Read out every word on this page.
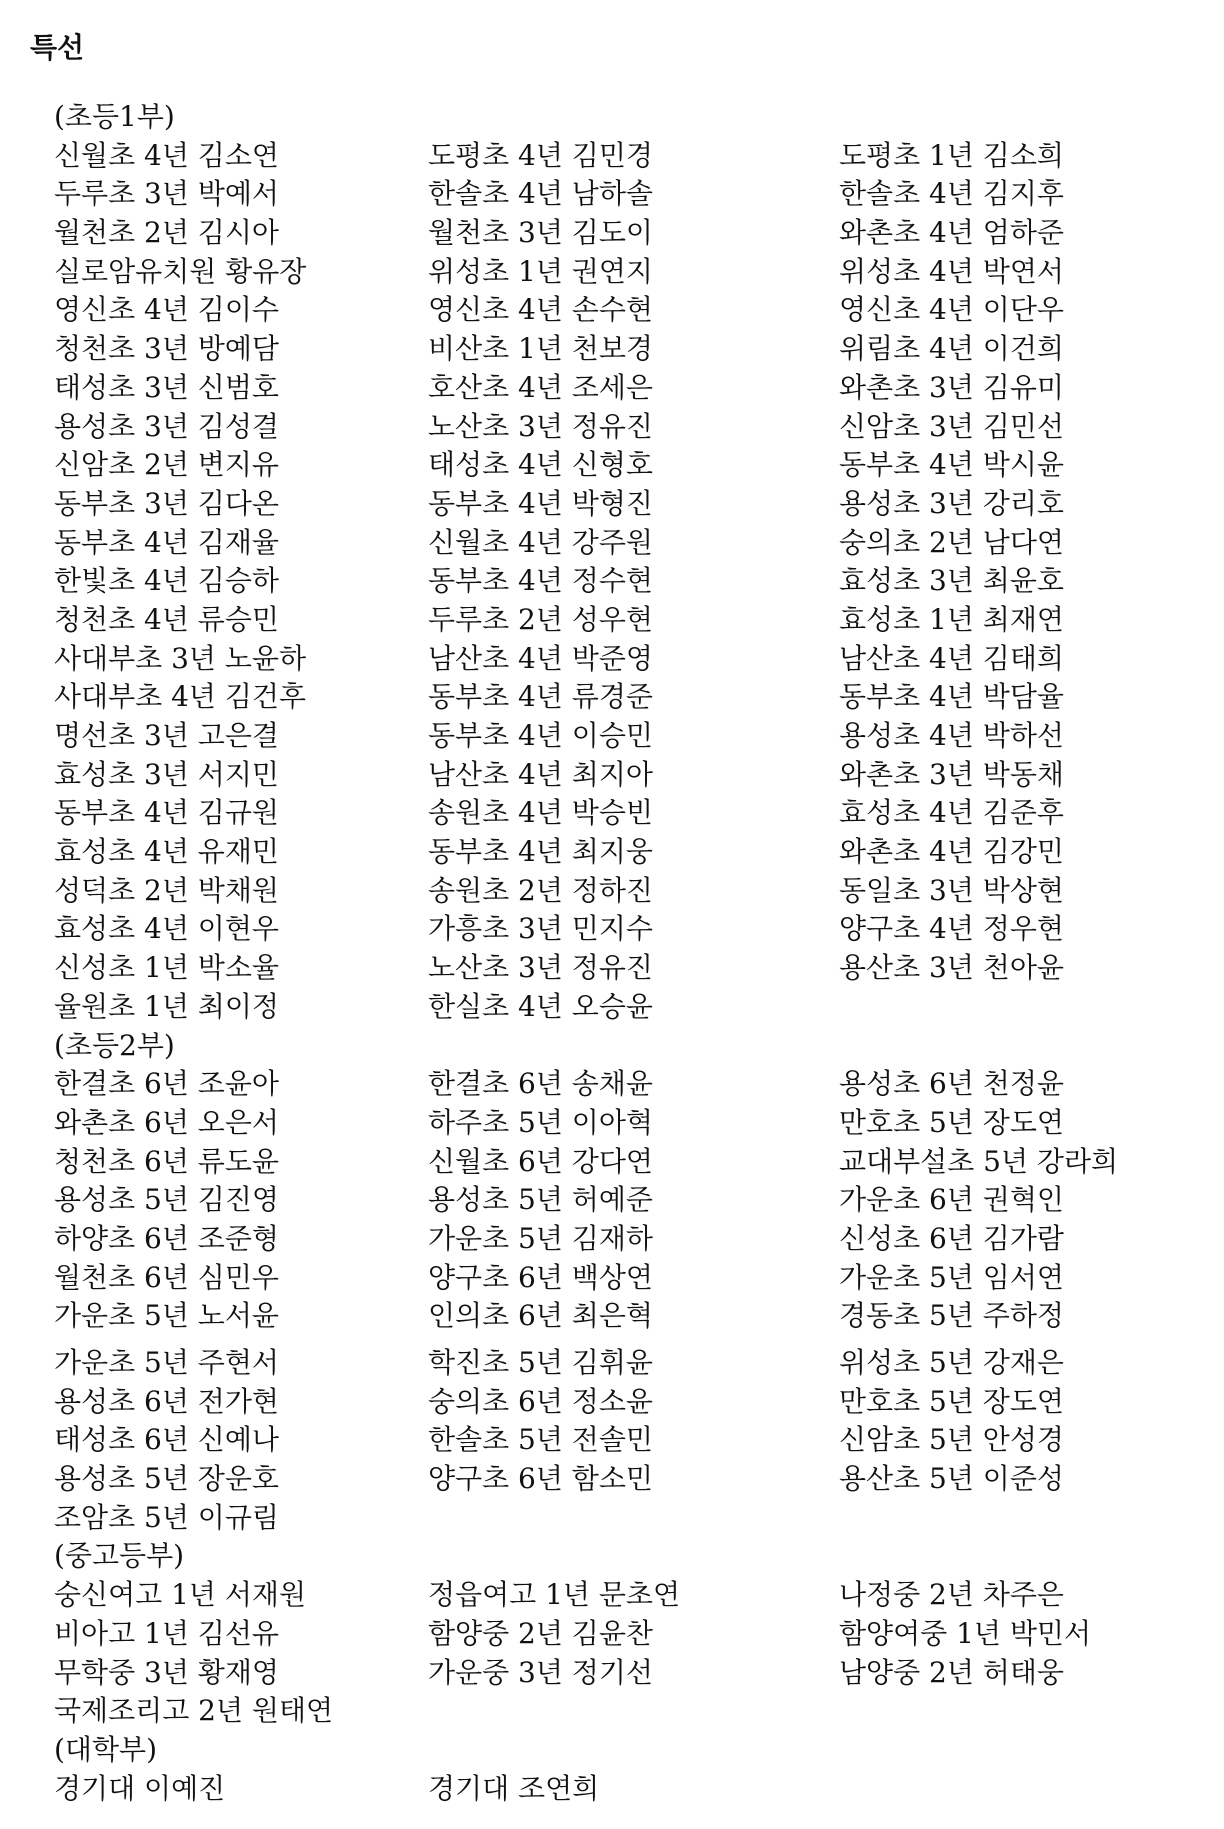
특선
(초등1부)
신월초 4년 김소연	도평초 4년 김민경	도평초 1년 김소희
두루초 3년 박예서	한솔초 4년 남하솔	한솔초 4년 김지후
월천초 2년 김시아	월천초 3년 김도이	와촌초 4년 엄하준
실로암유치원 황유장	위성초 1년 권연지	위성초 4년 박연서
영신초 4년 김이수	영신초 4년 손수현	영신초 4년 이단우
청천초 3년 방예담	비산초 1년 천보경	위림초 4년 이건희
태성초 3년 신범호	호산초 4년 조세은	와촌초 3년 김유미
용성초 3년 김성결	노산초 3년 정유진	신암초 3년 김민선
신암초 2년 변지유	태성초 4년 신형호	동부초 4년 박시윤
동부초 3년 김다온	동부초 4년 박형진	용성초 3년 강리호
동부초 4년 김재율	신월초 4년 강주원	숭의초 2년 남다연
한빛초 4년 김승하	동부초 4년 정수현	효성초 3년 최윤호
청천초 4년 류승민	두루초 2년 성우현	효성초 1년 최재연
사대부초 3년 노윤하	남산초 4년 박준영	남산초 4년 김태희
사대부초 4년 김건후	동부초 4년 류경준	동부초 4년 박담율
명선초 3년 고은결	동부초 4년 이승민	용성초 4년 박하선
효성초 3년 서지민	남산초 4년 최지아	와촌초 3년 박동채
동부초 4년 김규원	송원초 4년 박승빈	효성초 4년 김준후
효성초 4년 유재민	동부초 4년 최지웅	와촌초 4년 김강민
성덕초 2년 박채원	송원초 2년 정하진	동일초 3년 박상현
효성초 4년 이현우	가흥초 3년 민지수	양구초 4년 정우현
신성초 1년 박소율	노산초 3년 정유진	용산초 3년 천아윤
율원초 1년 최이정	한실초 4년 오승윤
(초등2부)
한결초 6년 조윤아	한결초 6년 송채윤	용성초 6년 천정윤
와촌초 6년 오은서	하주초 5년 이아혁	만호초 5년 장도연
청천초 6년 류도윤	신월초 6년 강다연	교대부설초 5년 강라희
용성초 5년 김진영	용성초 5년 허예준	가운초 6년 권혁인
하양초 6년 조준형	가운초 5년 김재하	신성초 6년 김가람
월천초 6년 심민우	양구초 6년 백상연	가운초 5년 임서연
가운초 5년 노서윤	인의초 6년 최은혁	경동초 5년 주하정
가운초 5년 주현서	학진초 5년 김휘윤	위성초 5년 강재은
용성초 6년 전가현	숭의초 6년 정소윤	만호초 5년 장도연
태성초 6년 신예나	한솔초 5년 전솔민	신암초 5년 안성경
용성초 5년 장운호	양구초 6년 함소민	용산초 5년 이준성
조암초 5년 이규림
(중고등부)
숭신여고 1년 서재원	정읍여고 1년 문초연	나정중 2년 차주은
비아고 1년 김선유	함양중 2년 김윤찬	함양여중 1년 박민서
무학중 3년 황재영	가운중 3년 정기선	남양중 2년 허태웅
국제조리고 2년 원태연
(대학부)
경기대 이예진	경기대 조연희
